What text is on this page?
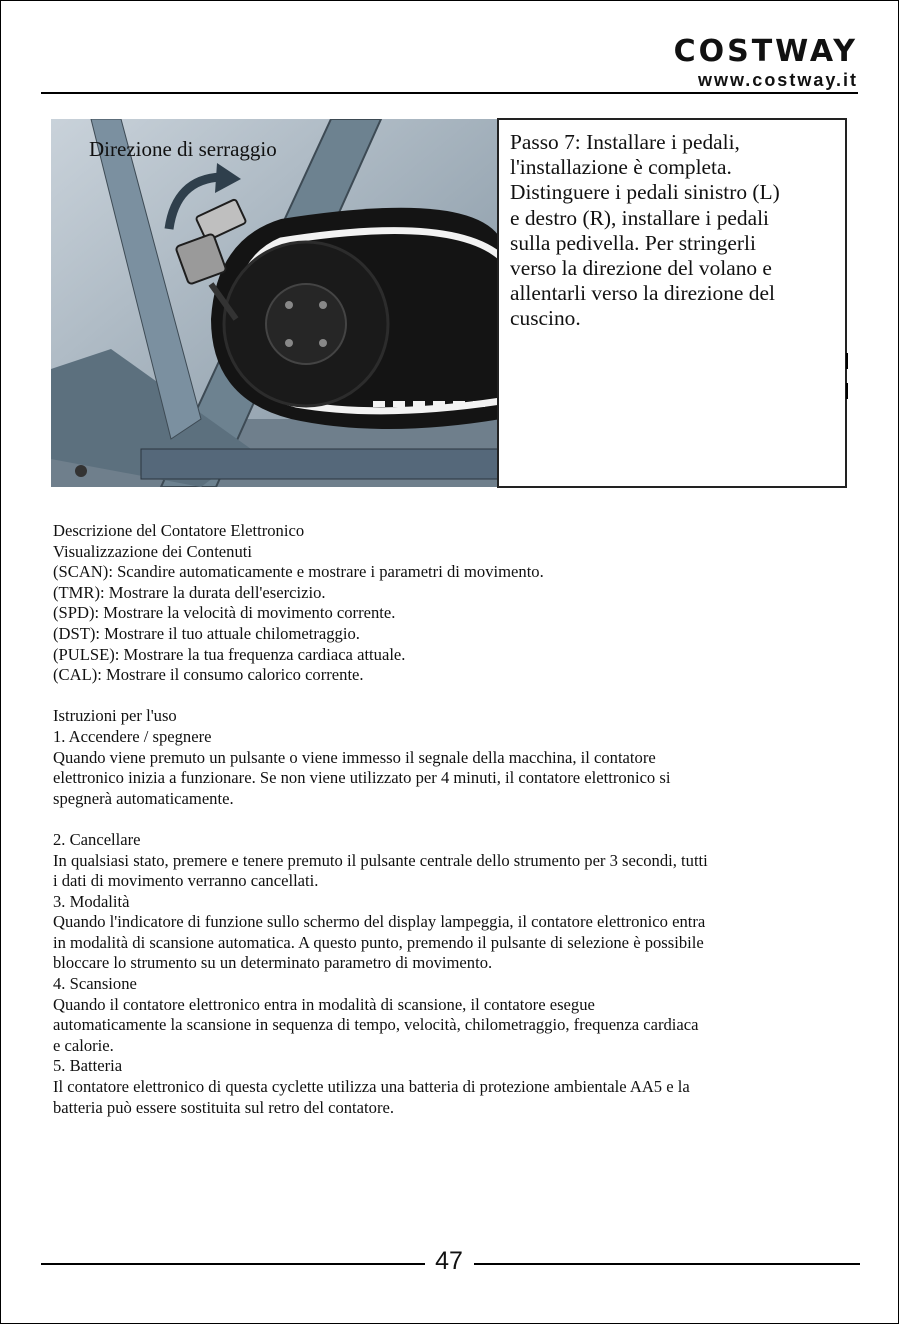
COSTWAY
www.costway.it
Direzione di serraggio	Passo 7: Installare i pedali,
l'installazione è completa.
Distinguere i pedali sinistro (L)
e destro (R), installare i pedali
sulla pedivella. Per stringerli
verso la direzione del volano e
allentarli verso la direzione del
cuscino.

Descrizione del Contatore Elettronico
Visualizzazione dei Contenuti
(SCAN): Scandire automaticamente e mostrare i parametri di movimento.
(TMR): Mostrare la durata dell'esercizio.
(SPD): Mostrare la velocità di movimento corrente.
(DST): Mostrare il tuo attuale chilometraggio.
(PULSE): Mostrare la tua frequenza cardiaca attuale.
(CAL): Mostrare il consumo calorico corrente.
Istruzioni per l'uso
1. Accendere / spegnere
Quando viene premuto un pulsante o viene immesso il segnale della macchina, il contatore
elettronico inizia a funzionare. Se non viene utilizzato per 4 minuti, il contatore elettronico si
spegnerà automaticamente.
2. Cancellare
In qualsiasi stato, premere e tenere premuto il pulsante centrale dello strumento per 3 secondi, tutti
i dati di movimento verranno cancellati.
3. Modalità
Quando l'indicatore di funzione sullo schermo del display lampeggia, il contatore elettronico entra
in modalità di scansione automatica. A questo punto, premendo il pulsante di selezione è possibile
bloccare lo strumento su un determinato parametro di movimento.
4. Scansione
Quando il contatore elettronico entra in modalità di scansione, il contatore esegue
automaticamente la scansione in sequenza di tempo, velocità, chilometraggio, frequenza cardiaca
e calorie.
5. Batteria
Il contatore elettronico di questa cyclette utilizza una batteria di protezione ambientale AA5 e la
batteria può essere sostituita sul retro del contatore.
47
